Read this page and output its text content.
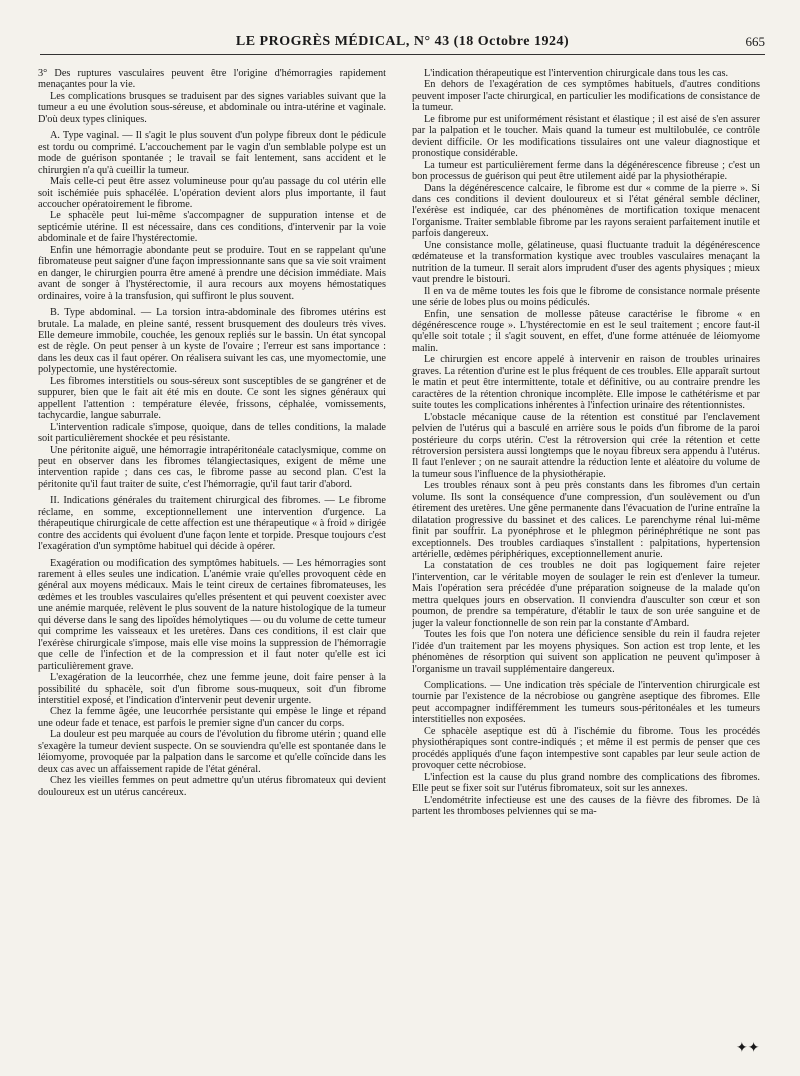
LE PROGRÈS MÉDICAL, N° 43 (18 Octobre 1924)	665

3° Des ruptures vasculaires peuvent être l'origine d'hémorragies rapidement menaçantes pour la vie.

Les complications brusques se traduisent par des signes variables suivant que la tumeur a eu une évolution sous-séreuse, et abdominale ou intra-utérine et vaginale. D'où deux types cliniques.

A. Type vaginal. — Il s'agit le plus souvent d'un polype fibreux dont le pédicule est tordu ou comprimé. L'accouchement par le vagin d'un semblable polype est un mode de guérison spontanée ; le travail se fait lentement, sans accident et le chirurgien n'a qu'à cueillir la tumeur.

Mais celle-ci peut être assez volumineuse pour qu'au passage du col utérin elle soit ischémiée puis sphacélée. L'opération devient alors plus importante, il faut accoucher opératoirement le fibrome.

Le sphacèle peut lui-même s'accompagner de suppuration intense et de septicémie utérine. Il est nécessaire, dans ces conditions, d'intervenir par la voie abdominale et de faire l'hystérectomie.

Enfin une hémorragie abondante peut se produire. Tout en se rappelant qu'une fibromateuse peut saigner d'une façon impressionnante sans que sa vie soit vraiment en danger, le chirurgien pourra être amené à prendre une décision immédiate. Mais avant de songer à l'hystérectomie, il aura recours aux moyens hémostatiques ordinaires, voire à la transfusion, qui suffiront le plus souvent.

B. Type abdominal. — La torsion intra-abdominale des fibromes utérins est brutale. La malade, en pleine santé, ressent brusquement des douleurs très vives. Elle demeure immobile, couchée, les genoux repliés sur le bassin. Un état syncopal est de règle. On peut penser à un kyste de l'ovaire ; l'erreur est sans importance : dans les deux cas il faut opérer. On réalisera suivant les cas, une myomectomie, une polypectomie, une hystérectomie.

Les fibromes interstitiels ou sous-séreux sont susceptibles de se gangréner et de suppurer, bien que le fait ait été mis en doute. Ce sont les signes généraux qui appellent l'attention : température élevée, frissons, céphalée, vomissements, tachycardie, langue saburrale.

L'intervention radicale s'impose, quoique, dans de telles conditions, la malade soit particulièrement shockée et peu résistante.

Une péritonite aiguë, une hémorragie intrapéritonéale cataclysmique, comme on peut en observer dans les fibromes télangiectasiques, exigent de même une intervention rapide ; dans ces cas, le fibrome passe au second plan. C'est la péritonite qu'il faut traiter de suite, c'est l'hémorragie, qu'il faut tarir d'abord.

II. Indications générales du traitement chirurgical des fibromes. — Le fibrome réclame, en somme, exceptionnellement une intervention d'urgence. La thérapeutique chirurgicale de cette affection est une thérapeutique « à froid » dirigée contre des accidents qui évoluent d'une façon lente et torpide. Presque toujours c'est l'exagération d'un symptôme habituel qui décide à opérer.

Exagération ou modification des symptômes habituels. — Les hémorragies sont rarement à elles seules une indication. L'anémie vraie qu'elles provoquent cède en général aux moyens médicaux. Mais le teint cireux de certaines fibromateuses, les œdèmes et les troubles vasculaires qu'elles présentent et qui peuvent coexister avec une anémie marquée, relèvent le plus souvent de la nature histologique de la tumeur qui déverse dans le sang des lipoïdes hémolytiques — ou du volume de cette tumeur qui comprime les vaisseaux et les uretères. Dans ces conditions, il est clair que l'exérèse chirurgicale s'impose, mais elle vise moins la suppression de l'hémorragie que celle de l'infection et de la compression et il faut noter qu'elle est ici particulièrement grave.

L'exagération de la leucorrhée, chez une femme jeune, doit faire penser à la possibilité du sphacèle, soit d'un fibrome sous-muqueux, soit d'un fibrome interstitiel exposé, et l'indication d'intervenir peut devenir urgente.

Chez la femme âgée, une leucorrhée persistante qui empèse le linge et répand une odeur fade et tenace, est parfois le premier signe d'un cancer du corps.

La douleur est peu marquée au cours de l'évolution du fibrome utérin ; quand elle s'exagère la tumeur devient suspecte. On se souviendra qu'elle est spontanée dans le léiomyome, provoquée par la palpation dans le sarcome et qu'elle coïncide dans les deux cas avec un affaissement rapide de l'état général.

Chez les vieilles femmes on peut admettre qu'un utérus fibromateux qui devient douloureux est un utérus cancéreux.

L'indication thérapeutique est l'intervention chirurgicale dans tous les cas.

En dehors de l'exagération de ces symptômes habituels, d'autres conditions peuvent imposer l'acte chirurgical, en particulier les modifications de consistance de la tumeur.

Le fibrome pur est uniformément résistant et élastique ; il est aisé de s'en assurer par la palpation et le toucher. Mais quand la tumeur est multilobulée, ce contrôle devient difficile. Or les modifications tissulaires ont une valeur diagnostique et pronostique considérable.

La tumeur est particulièrement ferme dans la dégénérescence fibreuse ; c'est un bon processus de guérison qui peut être utilement aidé par la physiothérapie.

Dans la dégénérescence calcaire, le fibrome est dur « comme de la pierre ». Si dans ces conditions il devient douloureux et si l'état général semble décliner, l'exérèse est indiquée, car des phénomènes de mortification toxique menacent l'organisme. Traiter semblable fibrome par les rayons seraient parfaitement inutile et parfois dangereux.

Une consistance molle, gélatineuse, quasi fluctuante traduit la dégénérescence œdémateuse et la transformation kystique avec troubles vasculaires menaçant la nutrition de la tumeur. Il serait alors imprudent d'user des agents physiques ; mieux vaut prendre le bistouri.

Il en va de même toutes les fois que le fibrome de consistance normale présente une série de lobes plus ou moins pédiculés.

Enfin, une sensation de mollesse pâteuse caractérise le fibrome « en dégénérescence rouge ». L'hystérectomie en est le seul traitement ; encore faut-il qu'elle soit totale ; il s'agit souvent, en effet, d'une forme atténuée de léiomyome malin.

Le chirurgien est encore appelé à intervenir en raison de troubles urinaires graves. La rétention d'urine est le plus fréquent de ces troubles. Elle apparaît surtout le matin et peut être intermittente, totale et définitive, ou au contraire prendre les caractères de la rétention chronique incomplète. Elle impose le cathétérisme et par suite toutes les complications inhérentes à l'infection urinaire des rétentionnistes.

L'obstacle mécanique cause de la rétention est constitué par l'enclavement pelvien de l'utérus qui a basculé en arrière sous le poids d'un fibrome de la paroi postérieure du corps utérin. C'est la rétroversion qui crée la rétention et cette rétroversion persistera aussi longtemps que le noyau fibreux sera appendu à l'utérus. Il faut l'enlever ; on ne saurait attendre la réduction lente et aléatoire du volume de la tumeur sous l'influence de la physiothérapie.

Les troubles rénaux sont à peu près constants dans les fibromes d'un certain volume. Ils sont la conséquence d'une compression, d'un soulèvement ou d'un étirement des uretères. Une gêne permanente dans l'évacuation de l'urine entraîne la dilatation progressive du bassinet et des calices. Le parenchyme rénal lui-même finit par souffrir. La pyonéphrose et le phlegmon périnéphrétique ne sont pas exceptionnels. Des troubles cardiaques s'installent : palpitations, hypertension artérielle, œdèmes périphériques, exceptionnellement anurie.

La constatation de ces troubles ne doit pas logiquement faire rejeter l'intervention, car le véritable moyen de soulager le rein est d'enlever la tumeur. Mais l'opération sera précédée d'une préparation soigneuse de la malade qu'on mettra quelques jours en observation. Il conviendra d'ausculter son cœur et son poumon, de prendre sa température, d'établir le taux de son urée sanguine et de juger la valeur fonctionnelle de son rein par la constante d'Ambard.

Toutes les fois que l'on notera une déficience sensible du rein il faudra rejeter l'idée d'un traitement par les moyens physiques. Son action est trop lente, et les phénomènes de résorption qui suivent son application ne peuvent qu'imposer à l'organisme un travail supplémentaire dangereux.

Complications. — Une indication très spéciale de l'intervention chirurgicale est tournie par l'existence de la nécrobiose ou gangrène aseptique des fibromes. Elle peut accompagner indifféremment les tumeurs sous-péritonéales et les tumeurs interstitielles non exposées.

Ce sphacèle aseptique est dû à l'ischémie du fibrome. Tous les procédés physiothérapiques sont contre-indiqués ; et même il est permis de penser que ces procédés appliqués d'une façon intempestive sont capables par leur seule action de provoquer cette nécrobiose.

L'infection est la cause du plus grand nombre des complications des fibromes. Elle peut se fixer soit sur l'utérus fibromateux, soit sur les annexes.

L'endométrite infectieuse est une des causes de la fièvre des fibromes. De là partent les thromboses pelviennes qui se ma-

✦✦
